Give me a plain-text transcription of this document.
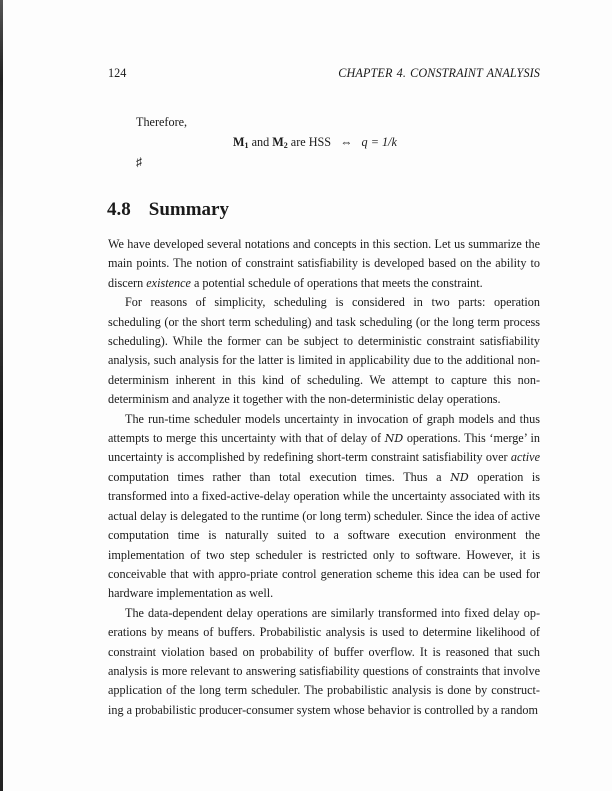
124	CHAPTER 4. CONSTRAINT ANALYSIS
Therefore,
$M_1$ and $M_2$ are HSS   ⇔   q = 1/k
♯
4.8 Summary

We have developed several notations and concepts in this section. Let us summarize the main points. The notion of constraint satisfiability is developed based on the ability to discern existence a potential schedule of operations that meets the constraint.

For reasons of simplicity, scheduling is considered in two parts: operation scheduling (or the short term scheduling) and task scheduling (or the long term process scheduling). While the former can be subject to deterministic constraint satisfiability analysis, such analysis for the latter is limited in applicability due to the additional non-determinism inherent in this kind of scheduling. We attempt to capture this non-determinism and analyze it together with the non-deterministic delay operations.

The run-time scheduler models uncertainty in invocation of graph models and thus attempts to merge this uncertainty with that of delay of ND operations. This ‘merge’ in uncertainty is accomplished by redefining short-term constraint satisfiability over active computation times rather than total execution times. Thus a ND operation is transformed into a fixed-active-delay operation while the uncertainty associated with its actual delay is delegated to the runtime (or long term) scheduler. Since the idea of active computation time is naturally suited to a software execution environment the implementation of two step scheduler is restricted only to software. However, it is conceivable that with appro-priate control generation scheme this idea can be used for hardware implementation as well.

The data-dependent delay operations are similarly transformed into fixed delay op-erations by means of buffers. Probabilistic analysis is used to determine likelihood of constraint violation based on probability of buffer overflow. It is reasoned that such analysis is more relevant to answering satisfiability questions of constraints that involve application of the long term scheduler. The probabilistic analysis is done by construct-ing a probabilistic producer-consumer system whose behavior is controlled by a random
